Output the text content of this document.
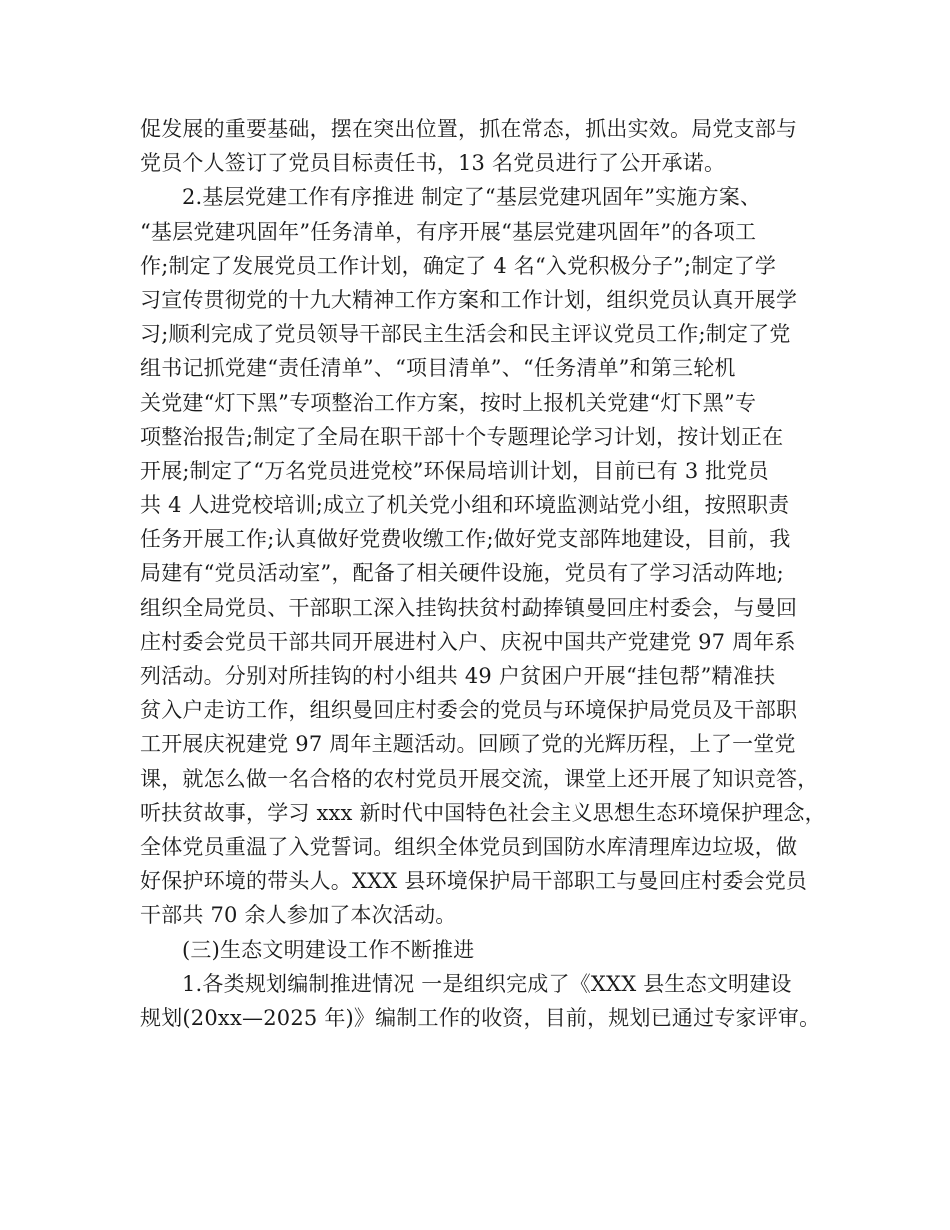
促发展的重要基础，摆在突出位置，抓在常态，抓出实效。局党支部与
党员个人签订了党员目标责任书，13 名党员进行了公开承诺。
2.基层党建工作有序推进 制定了“基层党建巩固年”实施方案、
“基层党建巩固年”任务清单，有序开展“基层党建巩固年”的各项工
作;制定了发展党员工作计划，确定了 4 名“入党积极分子”;制定了学
习宣传贯彻党的十九大精神工作方案和工作计划，组织党员认真开展学
习;顺利完成了党员领导干部民主生活会和民主评议党员工作;制定了党
组书记抓党建“责任清单”、“项目清单”、“任务清单”和第三轮机
关党建“灯下黑”专项整治工作方案，按时上报机关党建“灯下黑”专
项整治报告;制定了全局在职干部十个专题理论学习计划，按计划正在
开展;制定了“万名党员进党校”环保局培训计划，目前已有 3 批党员
共 4 人进党校培训;成立了机关党小组和环境监测站党小组，按照职责
任务开展工作;认真做好党费收缴工作;做好党支部阵地建设，目前，我
局建有“党员活动室”，配备了相关硬件设施，党员有了学习活动阵地;
组织全局党员、干部职工深入挂钩扶贫村勐捧镇曼回庄村委会，与曼回
庄村委会党员干部共同开展进村入户、庆祝中国共产党建党 97 周年系
列活动。分别对所挂钩的村小组共 49 户贫困户开展“挂包帮”精准扶
贫入户走访工作，组织曼回庄村委会的党员与环境保护局党员及干部职
工开展庆祝建党 97 周年主题活动。回顾了党的光辉历程，上了一堂党
课，就怎么做一名合格的农村党员开展交流，课堂上还开展了知识竞答，
听扶贫故事，学习 xxx 新时代中国特色社会主义思想生态环境保护理念，
全体党员重温了入党誓词。组织全体党员到国防水库清理库边垃圾，做
好保护环境的带头人。XXX 县环境保护局干部职工与曼回庄村委会党员
干部共 70 余人参加了本次活动。
(三)生态文明建设工作不断推进
1.各类规划编制推进情况 一是组织完成了《XXX 县生态文明建设
规划(20xx—2025 年)》编制工作的收资，目前，规划已通过专家评审。
